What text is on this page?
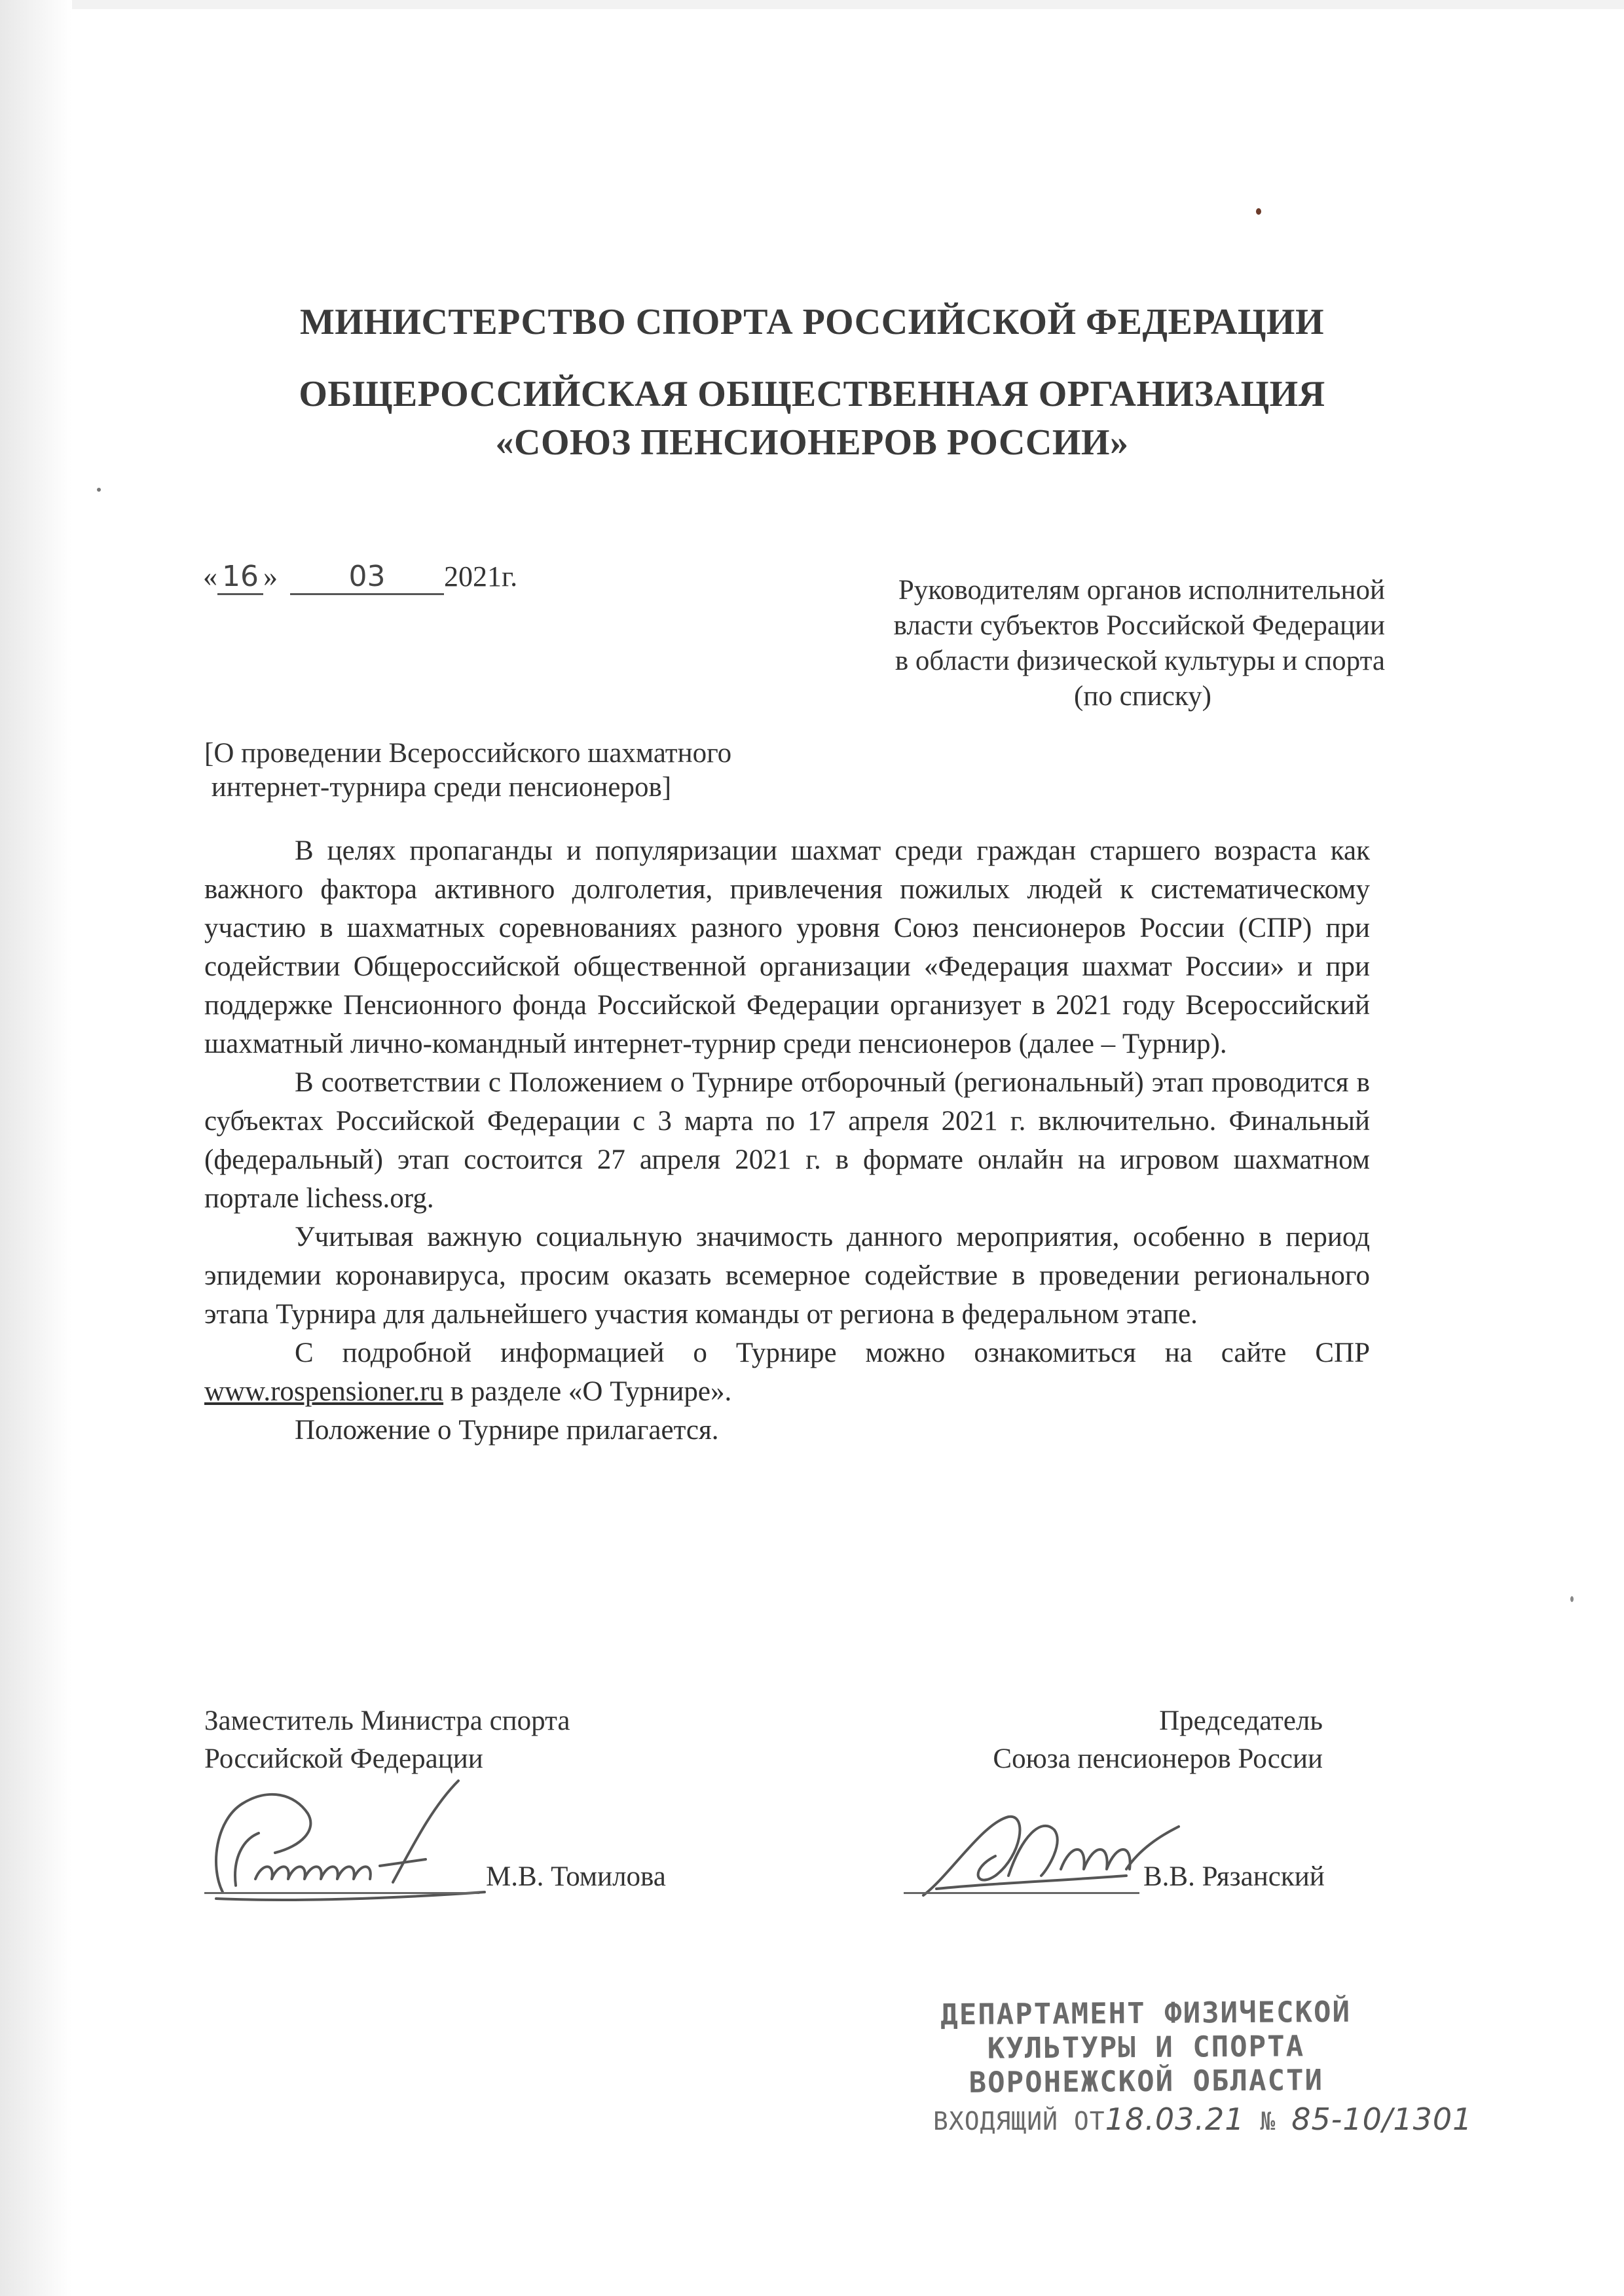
МИНИСТЕРСТВО СПОРТА РОССИЙСКОЙ ФЕДЕРАЦИИ
ОБЩЕРОССИЙСКАЯ ОБЩЕСТВЕННАЯ ОРГАНИЗАЦИЯ
«СОЮЗ ПЕНСИОНЕРОВ РОССИИ»
« 16 » 03 2021г.	Руководителям органов исполнительной
власти субъектов Российской Федерации
в области физической культуры и спорта
(по списку)
[О проведении Всероссийского шахматного
интернет-турнира среди пенсионеров]

В целях пропаганды и популяризации шахмат среди граждан старшего возраста как важного фактора активного долголетия, привлечения пожилых людей к систематическому участию в шахматных соревнованиях разного уровня Союз пенсионеров России (СПР) при содействии Общероссийской общественной организации «Федерация шахмат России» и при поддержке Пенсионного фонда Российской Федерации организует в 2021 году Всероссийский шахматный лично-командный интернет-турнир среди пенсионеров (далее – Турнир).

В соответствии с Положением о Турнире отборочный (региональный) этап проводится в субъектах Российской Федерации с 3 марта по 17 апреля 2021 г. включительно. Финальный (федеральный) этап состоится 27 апреля 2021 г. в формате онлайн на игровом шахматном портале lichess.org.

Учитывая важную социальную значимость данного мероприятия, особенно в период эпидемии коронавируса, просим оказать всемерное содействие в проведении регионального этапа Турнира для дальнейшего участия команды от региона в федеральном этапе.

С подробной информацией о Турнире можно ознакомиться на сайте СПР www.rospensioner.ru в разделе «О Турнире».

Положение о Турнире прилагается.

Заместитель Министра спорта
Российской Федерации
М.В. Томилова
Председатель
Союза пенсионеров России
В.В. Рязанский
ДЕПАРТАМЕНТ ФИЗИЧЕСКОЙ
КУЛЬТУРЫ И СПОРТА
ВОРОНЕЖСКОЙ ОБЛАСТИ
ВХОДЯЩИЙ ОТ18.03.21 № 85-10/1301
